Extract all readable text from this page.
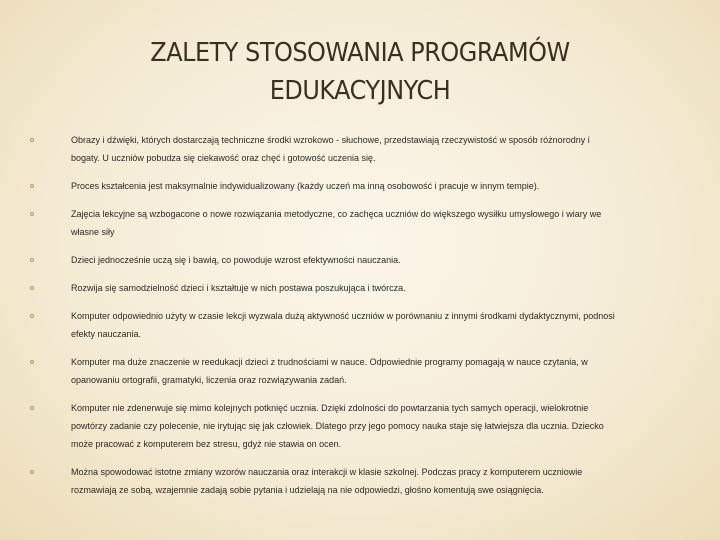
ZALETY STOSOWANIA PROGRAMÓW
EDUKACYJNYCH
Obrazy i dźwięki, których dostarczają techniczne środki wzrokowo - słuchowe, przedstawiają rzeczywistość w sposób różnorodny i bogaty. U uczniów pobudza się ciekawość oraz chęć i gotowość uczenia się.
Proces kształcenia jest maksymalnie indywidualizowany (każdy uczeń ma inną osobowość i pracuje w innym tempie).
Zajęcia lekcyjne są wzbogacone o nowe rozwiązania metodyczne, co zachęca uczniów do większego wysiłku umysłowego i wiary we własne siły
Dzieci jednocześnie uczą się i bawią, co powoduje wzrost efektywności nauczania.
Rozwija się samodzielność dzieci i kształtuje w nich postawa poszukująca i twórcza.
Komputer odpowiednio użyty w czasie lekcji wyzwala dużą aktywność uczniów w porównaniu z innymi środkami dydaktycznymi, podnosi efekty nauczania.
Komputer ma duże znaczenie w reedukacji dzieci z trudnościami w nauce. Odpowiednie programy pomagają w nauce czytania, w opanowaniu ortografii, gramatyki, liczenia oraz rozwiązywania zadań.
Komputer nie zdenerwuje się mimo kolejnych potknięć ucznia. Dzięki zdolności do powtarzania tych samych operacji, wielokrotnie powtórzy zadanie czy polecenie, nie irytując się jak człowiek. Dlatego przy jego pomocy nauka staje się łatwiejsza dla ucznia. Dziecko może pracować z komputerem bez stresu, gdyż nie stawia on ocen.
Można spowodować istotne zmiany wzorów nauczania oraz interakcji w klasie szkolnej. Podczas pracy z komputerem uczniowie rozmawiają ze sobą, wzajemnie zadają sobie pytania i udzielają na nie odpowiedzi, głośno komentują swe osiągnięcia.
